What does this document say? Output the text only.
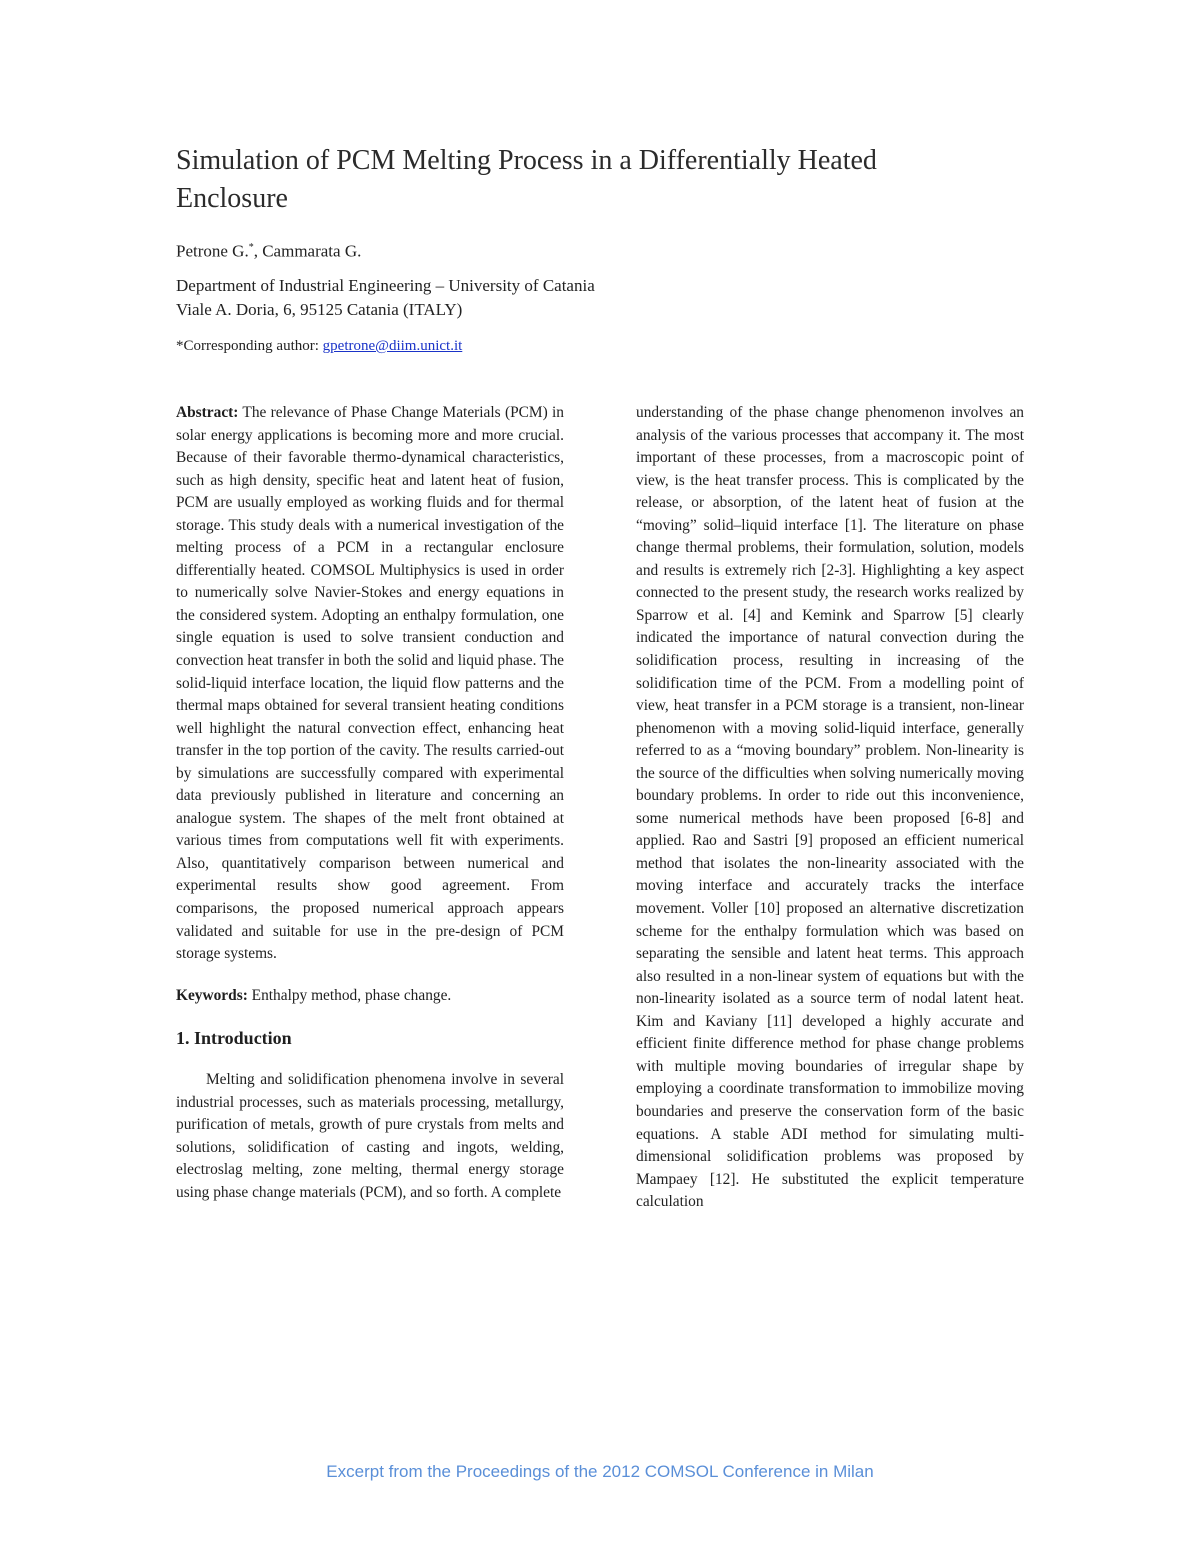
Simulation of PCM Melting Process in a Differentially Heated Enclosure
Petrone G.*, Cammarata G.
Department of Industrial Engineering – University of Catania
Viale A. Doria, 6, 95125 Catania (ITALY)
*Corresponding author: gpetrone@diim.unict.it

Abstract: The relevance of Phase Change Materials (PCM) in solar energy applications is becoming more and more crucial. Because of their favorable thermo-dynamical characteristics, such as high density, specific heat and latent heat of fusion, PCM are usually employed as working fluids and for thermal storage. This study deals with a numerical investigation of the melting process of a PCM in a rectangular enclosure differentially heated. COMSOL Multiphysics is used in order to numerically solve Navier-Stokes and energy equations in the considered system. Adopting an enthalpy formulation, one single equation is used to solve transient conduction and convection heat transfer in both the solid and liquid phase. The solid-liquid interface location, the liquid flow patterns and the thermal maps obtained for several transient heating conditions well highlight the natural convection effect, enhancing heat transfer in the top portion of the cavity. The results carried-out by simulations are successfully compared with experimental data previously published in literature and concerning an analogue system. The shapes of the melt front obtained at various times from computations well fit with experiments. Also, quantitatively comparison between numerical and experimental results show good agreement. From comparisons, the proposed numerical approach appears validated and suitable for use in the pre-design of PCM storage systems.

Keywords: Enthalpy method, phase change.

1. Introduction

Melting and solidification phenomena involve in several industrial processes, such as materials processing, metallurgy, purification of metals, growth of pure crystals from melts and solutions, solidification of casting and ingots, welding, electroslag melting, zone melting, thermal energy storage using phase change materials (PCM), and so forth. A complete

understanding of the phase change phenomenon involves an analysis of the various processes that accompany it. The most important of these processes, from a macroscopic point of view, is the heat transfer process. This is complicated by the release, or absorption, of the latent heat of fusion at the “moving” solid–liquid interface [1]. The literature on phase change thermal problems, their formulation, solution, models and results is extremely rich [2-3]. Highlighting a key aspect connected to the present study, the research works realized by Sparrow et al. [4] and Kemink and Sparrow [5] clearly indicated the importance of natural convection during the solidification process, resulting in increasing of the solidification time of the PCM. From a modelling point of view, heat transfer in a PCM storage is a transient, non-linear phenomenon with a moving solid-liquid interface, generally referred to as a “moving boundary” problem. Non-linearity is the source of the difficulties when solving numerically moving boundary problems. In order to ride out this inconvenience, some numerical methods have been proposed [6-8] and applied. Rao and Sastri [9] proposed an efficient numerical method that isolates the non-linearity associated with the moving interface and accurately tracks the interface movement. Voller [10] proposed an alternative discretization scheme for the enthalpy formulation which was based on separating the sensible and latent heat terms. This approach also resulted in a non-linear system of equations but with the non-linearity isolated as a source term of nodal latent heat. Kim and Kaviany [11] developed a highly accurate and efficient finite difference method for phase change problems with multiple moving boundaries of irregular shape by employing a coordinate transformation to immobilize moving boundaries and preserve the conservation form of the basic equations. A stable ADI method for simulating multi-dimensional solidification problems was proposed by Mampaey [12]. He substituted the explicit temperature calculation

Excerpt from the Proceedings of the 2012 COMSOL Conference in Milan
